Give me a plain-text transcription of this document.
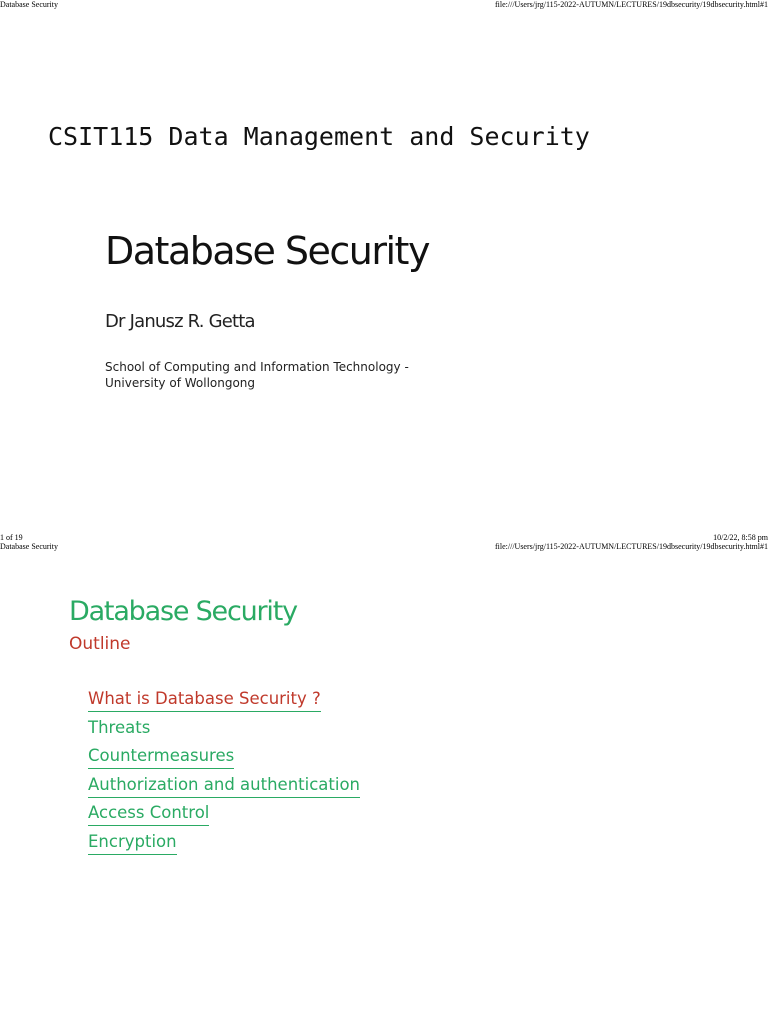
Database Security	file:///Users/jrg/115-2022-AUTUMN/LECTURES/19dbsecurity/19dbsecurity.html#1
CSIT115 Data Management and Security
Database Security
Dr Janusz R. Getta
School of Computing and Information Technology -
University of Wollongong
1 of 19	10/2/22, 8:58 pm
Database Security	file:///Users/jrg/115-2022-AUTUMN/LECTURES/19dbsecurity/19dbsecurity.html#1
Database Security
Outline
What is Database Security ?
Threats
Countermeasures
Authorization and authentication
Access Control
Encryption
